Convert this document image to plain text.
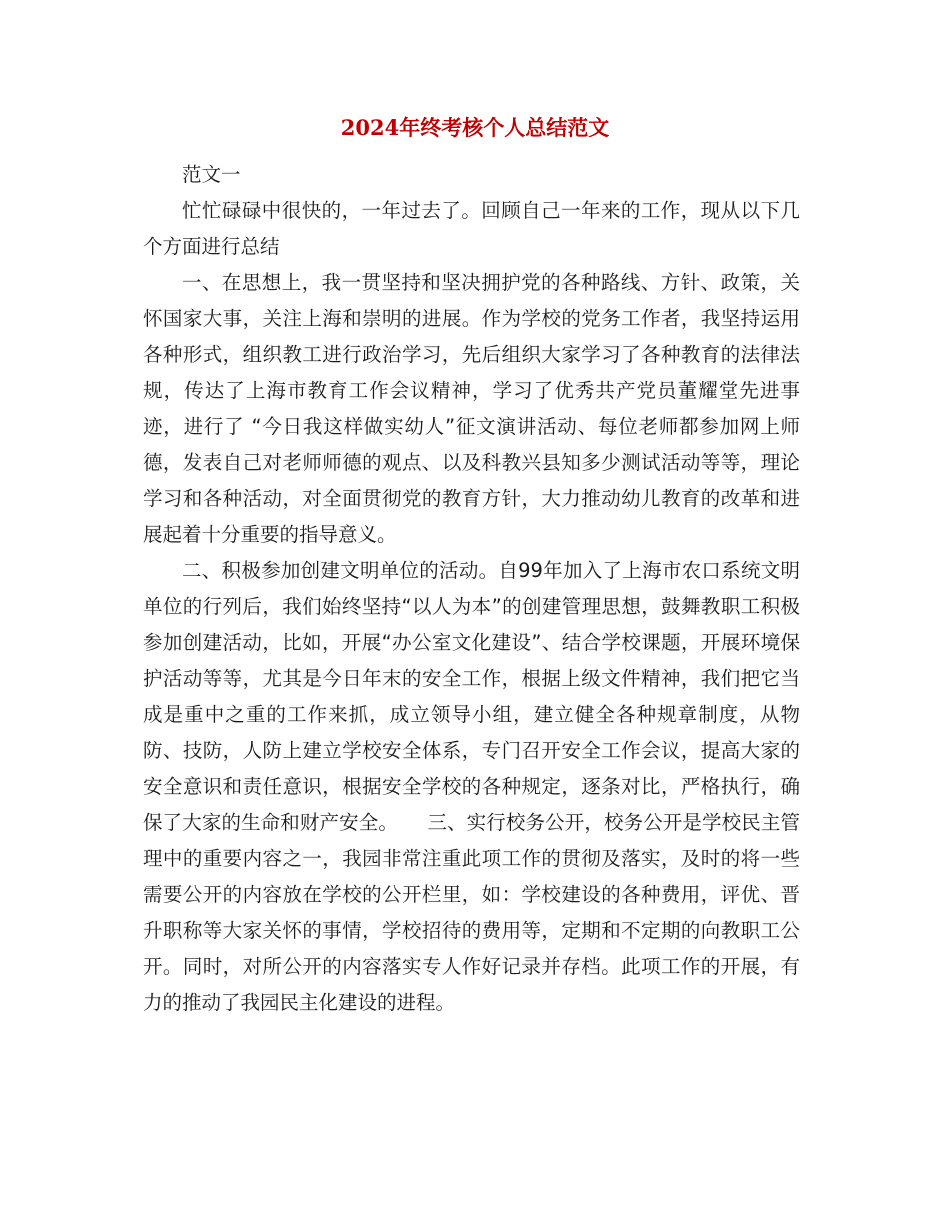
2024年终考核个人总结范文

范文一

忙忙碌碌中很快的，一年过去了。回顾自己一年来的工作，现从以下几个方面进行总结

一、在思想上，我一贯坚持和坚决拥护党的各种路线、方针、政策，关怀国家大事，关注上海和崇明的进展。作为学校的党务工作者，我坚持运用各种形式，组织教工进行政治学习，先后组织大家学习了各种教育的法律法规，传达了上海市教育工作会议精神，学习了优秀共产党员董耀堂先进事迹，进行了 “今日我这样做实幼人”征文演讲活动、每位老师都参加网上师德，发表自己对老师师德的观点、以及科教兴县知多少测试活动等等，理论学习和各种活动，对全面贯彻党的教育方针，大力推动幼儿教育的改革和进展起着十分重要的指导意义。

二、积极参加创建文明单位的活动。自99年加入了上海市农口系统文明单位的行列后，我们始终坚持“以人为本”的创建管理思想，鼓舞教职工积极参加创建活动，比如，开展“办公室文化建设”、结合学校课题，开展环境保护活动等等，尤其是今日年末的安全工作，根据上级文件精神，我们把它当成是重中之重的工作来抓，成立领导小组，建立健全各种规章制度，从物防、技防，人防上建立学校安全体系，专门召开安全工作会议，提高大家的安全意识和责任意识，根据安全学校的各种规定，逐条对比，严格执行，确保了大家的生命和财产安全。　　三、实行校务公开，校务公开是学校民主管理中的重要内容之一，我园非常注重此项工作的贯彻及落实，及时的将一些需要公开的内容放在学校的公开栏里，如：学校建设的各种费用，评优、晋升职称等大家关怀的事情，学校招待的费用等，定期和不定期的向教职工公开。同时，对所公开的内容落实专人作好记录并存档。此项工作的开展，有力的推动了我园民主化建设的进程。
